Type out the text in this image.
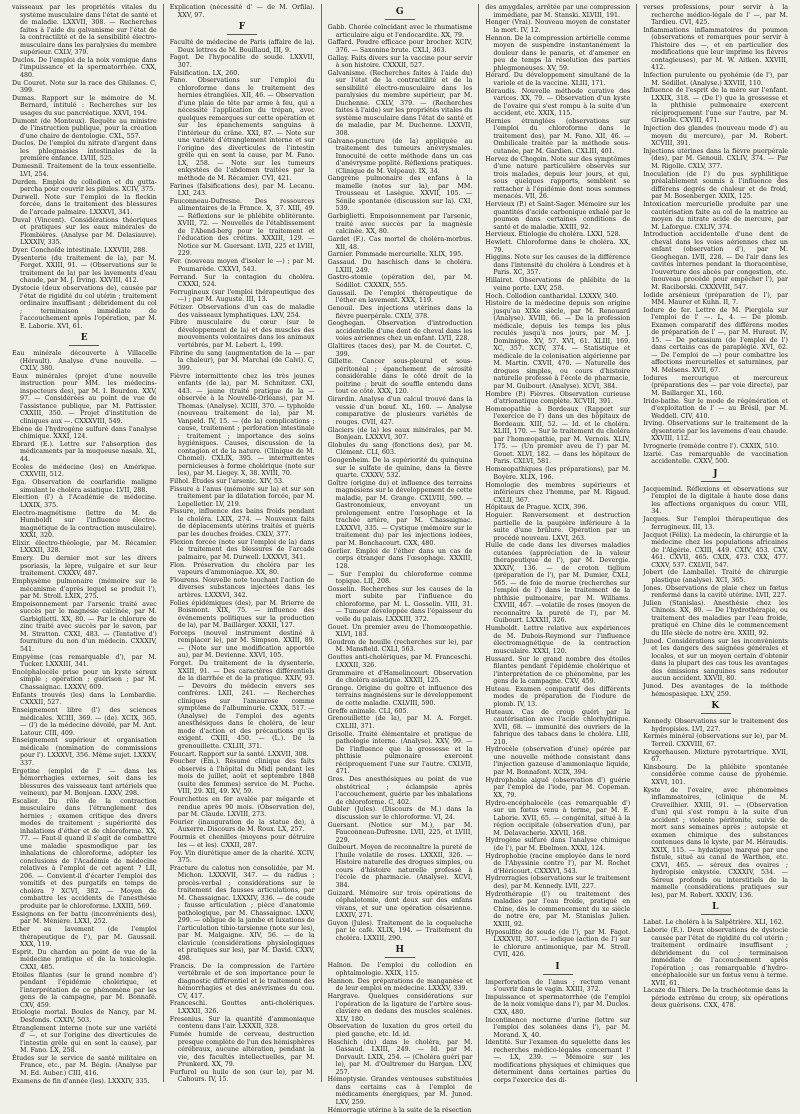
vaisseaux par les propriétés vitales du système musculaire dans l'état de santé et de maladie. LXXVII, 308. — Recherches faites à l'aide du galvanisme sur l'état de la contractilité et de la sensibilité électro-musculaire dans les paralysies du membre supérieur. CXLV, 379.
Duclos. De l'emploi de la noix vomique dans l'impuissance et la spermatorrhée. CXX, 480.
Du Couret. Note sur la race des Ghilanes. C, 399.
Dumas. Rapport sur le mémoire de M. Bernard, intitulé : Recherches sur les usages du suc pancréatique. XXVI, 194.
Dumont (de Monteux). Requête au ministre de l'instruction publique, pour la création d'une chaire de dentologie. CXL, 557.
Duclos. De l'emploi du nitrate d'argent dans les phlegmasies intestinales de la première enfance. LVIII, 525.
Dumesnil. Traitement de la toux essentielle. LVI, 254.
Durden. Emploi du collodion et du gutta-percha pour couvrir les pilules. XCIV, 375.
Durwell. Note sur l'emploi de la fleckin forcée, dans le traitement des blessures de l'arcade palmaire. LXXXVI, 341.
Duval (Vincent). Considérations théoriques et pratiques sur les eaux minérales de Plombières. (Analyse par M. Delasiauve). LXXXIV, 335.
Dyer. Conchoïde intestinale. LXXVIII, 288.
Dysenterie (du traitement de la), par M. Forget. XXIII, 91. — (Observations sur le traitement de la) par les lavements d'eau chaude, par M. J. Irving. XXVIII, 412.
Dystocie (deux observations de), causée par l'état de rigidité du col utérin ; traitement ordinaire insuffisant ; débridement du col ; terminaison immédiate de l'accouchement après l'opération, par M. E. Laborie. XVI, 61.
E
Eau minérale découverte à Villacelle (Hérault). Analyse d'une nouvelle. — CXLV, 380.
Eaux minérales (projet d'une nouvelle instruction pour MM. les médecins-inspecteurs des), par M. I. Bourdon. XXV, 97. — Considérées au point de vue de l'assistance publique, par M. Pattissier. CXXIII, 350. — Projet d'institution de cliniques aux —. CXXXVIII, 549.
Ebène de l'hydrogène sulfuré dans l'analyse chimique. XXXI, 124.
Ebrard (E.). Lettre sur l'absorption des médicaments par la muqueuse nasale. XL, 44.
Ecoles de médecine (les) en Amérique. CXXVIII, 512.
Ega. Observation de coarlaridie maligne simulant le choléra asiatique. LVII, 288.
Election (l') à l'Académie de médecine. LXXIX, 375.
Electro-magnétisme (lettre de M. de Humboldt sur l'influence électro-magnétique de la contraction musculaire). XXXI, 320.
Elixir. électro-théologie, par M. Récamier. LXXXII, 328.
Emery. Du dernier mot sur les divers psoriasis, la lèpre, vulgaire et sur leur traitement. CXXXV, 487.
Emphysème pulmonaire (mémoire sur le mécanisme d'après lequel se produit l'), par M. Stroll. LXIX, 275.
Empoisonnement par l'arsenic traité avec succès par le magnésie calcinée, par M. Garbiglietti. XX, 80. — Par le chlorure de zinc traité avec succès par le savon, par M. Stratton. CXXI, 483. — (Tentative d') fourniture du non d'un médecin. CXXXIV, 541.
Empyème (cas remarquable d'), par M. Tucker. LXXXIII, 341.
Encéphalocèle prise pour un kyste séreux simple ; opération ; guérison ; par M. Chassaignac. LXXXV, 609.
Enfants trouvés (les) dans la Lombardie. CXXXII, 527.
Enseignement libre (l') des sciences médicales. XCIII, 369. — (de). XCIX, 365. — (l') de la médecine dévoilé, par M. Ant. Latour. CIII, 409.
Enseignement supérieur et organisation médicale (nomination de commissions pour l'). LXXXVI, 356. Même sujet. LXXXV, 337.
Ergotine (emploi de l' — dans les hémorrhagies externes, soit dans les blessures des vaisseaux tant artériels que veineux), par M. Bonjean. LXXV, 298.
Escalier. Du rôle de la contraction musculaire dans l'étranglement des hernies ; examen critique des divers modes de traitement ; supériorité des inhalations d'éther et de chloroforme. XX, 77. — Faut-il quand il s'agit de combattre une maladie spasmodique par les inhalations de chloroforme, adopter les conclusions de l'Académie de médecine relatives à l'emploi de cet agent ? LII, 206. — Convient-il d'écarter l'emploi des vomitifs et des purgatifs en temps de choléra ? XCVI, 382. — Moyen de combattre les accidents de l'anesthésie produite par le chloroforme. LXXIII, 569.
Essignons en fer battu (inconvénients des), par M. Ménière. LXXI, 252.
Ether au lavement (de l'emploi thérapeutique de l'), par M. Gaussail. XXX, 119.
Esprit. Du chardon au point de vue de la médecine pratique et de la toxicologie. CXXI, 485.
Etoiles filantes (sur le grand nombre d') pendant l'épidémie cholérique, et l'interprétation de ce phénomène par les gens de la campagne, par M. Bonnafé. CXV, 459.
Etiologie mortal. Boules de Nancy, par M. Desfonds. CXXIV, 503.
Étranglement interne (note sur une variété d' —, et sur l'origine des diverticules de l'intestin grêle qui en sont la cause), par M. Fano. LX, 258.
Études sur le service de santé militaire en France, etc., par M. Bégin. (Analyse par M. Ed. Auber.) CIII, 416.
Examens de fin d'année (les). LXXXIV, 335.
Explication (nécessité d' — de M. Orfila). XXV, 97.
F
Faculté de médecine de Paris (affaire de la). Deux lettres de M. Bouillaud, III, 9.
Fagot. De l'hypocalite de soude. LXXVII, 307.
Falsification. LX, 260.
Fano. Observations sur l'emploi du chloroforme dans le traitement des hernies étranglées. XII, 46. — Observation d'une plaie de tête par arme à feu, qui a nécessité l'application du trépan, avec quelques remarques sur cette opération et sur les épanchements sanguins à l'intérieur du crâne. XXI, 87. — Note sur une variété d'étranglement interne et sur l'origine des diverticules de l'intestin grêle qui en sont la cause, par M. Fano. LX, 258. — Note sur les tumeurs enkystées de l'abdomen traitées par la méthode de M. Récamier. CVI, 421.
Farines (falsifications des), par M. Lecanu. LXI, 243.
Fauconneau-Dufresne. Des ressources alimentaires de la France. X, 37. XIII, 49. — Réflexions sur le phlébite oblitérante. XVIII, 72. — Nouvelles de l'établissement de l'Abend-berg pour le traitement et l'éducation des crétins. XXXIII, 129. — Notice sur M. Guersant. LVII, 225 et LVIII, 229.
Fer. (nouveau moyen d'isoler le —) ; par M. Poumarède. CXXVI, 543.
Ferrand. Sur la contagion du choléra. CXXXI, 524.
Ferrugineux (sur l'emploi thérapeutique des —) ; par M. Auguste. III, 13.
Fétizer. Observations d'un cas de maladie des vaisseaux lymphatiques. LXV, 254.
Fibre musculaire du cœur (sur le développement de la) et des muscles des mouvements volontaires dans les animaux vertébrés, par M. Lebert. L, 199.
Fibrine du sang (augmentation de la — par la chaleur), par M. Marchal (de Calvi). C, 399.
Fièvre intermittente chez les très jeunes enfants (de la), par M. Schnitzer. CXI, 443. — jaune (traité pratique de la — observée à la Nouvelle-Orléans), par M. Thomas. (Analyse). XCIII, 370. — typhoïde (nouveau traitement de la), par M. Vanpeld. IV, 15. — (de la) complications ; cause, traitement ; perforation intestinale ; traitement ; importance des soins hygiéniques. Causes, discussion de la contagion et de la nature. (Clinique de M. Chomel). CXLIX, 395. — intermittentes pernicieuses à forme cholérique (note sur les), par M. Liegey. X, 38. XVIII, 70.
Filhol. Études sur l'arsenic. XIV, 53.
Fissure à l'anus (mémoire sur la) et sur son traitement par la dilatation forcée, par M. Lepelletier. LV, 219.
Fissure, influence des bains froids pendant le choléra. LXIX, 274. — Nouveaux faits de déplacements utérins traités et guéris par les douches froides. CXLV, 377.
Flexion forcée (note sur l'emploi de la) dans le traitement des blessures de l'arcade palmaire, par M. Durwell. LXXXVI, 341.
Flon. Préservation du choléra par les vapeurs d'ammoniaque. XX, 80.
Flourens. Nouvelle note touchant l'action de diverses substances injectées dans les artères. LXXXVI, 342.
Folies épidémiques (des), par M. Brierre de Boismont. XIX, 75. — influence des événements politiques sur la production de la), par M. Baillarger. XXXII, 127.
Forceps (nouvel instrument destiné à remplacer le), par M. Simpson. XXIII, 89. — (Note sur une modification apportée au), par M. Devienne. XXVI, 105.
Forget. Du traitement de la dysenterie. XXIII, 91. — Des caractères différentiels de la diarrhée et de la pratique. XXIV, 93. — Devoirs du médecin envers ses confrères. LXII, 241. — Recherches cliniques sur l'amaurose comme symptôme de l'albuminurie. CXXX, 517. — (Analyse) de l'emploi des agents anesthésiques dans le choléra, de leur mode d'action et des précautions qu'ils exigent. CXIII, 450. — (L.). De la grenouillette. CXLIII, 371.
Foucart. Rapport sur la santé. LXXVII, 308.
Foucher (Ém.). Résumé clinique des faits observés à l'hôpital du Midi pendant les mois de juillet, août et septembre 1848 (suite des femmes) service de M. Puche. VIII, 29. XII, 49. XV, 59.
Fourchettes en fer avalée par mégarde et rendue après 90 mois. (Observation de), par M. Claude. LXVIII, 273.
Fourier (inauguration de la statue de), à Auxerre. Discours de M. Roux. LX, 257.
Fourmis et chenilles (moyens pour détruire les — et les). CXXII, 287.
Foy. Vin diurétique amer de la charité. XCIV, 375.
Fracture du calotus non consolidée, par M. Michon. LXXXVII, 347. — du radius ; procès-verbal ; considérations sur le traitement des fausses articulations, par M. Chassaignac. LXXXIV, 336. — de coude ; fausse articulation ; pièce d'anatomie pathologique, par M. Chassaignac. LXXV, 299. — oblique de la jambe et luxations de l'articulation tibio-tarsienne (note sur les), par M. Malgaigne. XIV, 56. — de la clavicule (considérations physiologiques et pratiques sur les), par M. David. CXXV, 498.
Francis. De la compression de l'artère vertébrale et de son importance pour le diagnostic différentiel et le traitement des hémorrhagies et des anévrismes du cou. CV, 417.
Franceschi. Gouttes anti-cholériques. LXXXII, 326.
Fresenius. Sur la quantité d'ammoniaque contenu dans l'air. LXXXII, 328.
Fumée humide de cerveau, destruction presque complète de l'un des hémisphères cérébraux, aucune altération, pendant la vie, des facultés intellectuelles, par M. Prunkerd. XX, 79.
Furfurol ou huile de son (sur le), par M. Cahours. IV, 15.
G
Gabb. Chorée coïncidant avec le rhumatisme articulaire aigu et l'endocardite. XX, 79.
Gaffard. Poudre efficace pour brocher. XCIV, 376. — Saxonine brute. CXLI, 363.
Gallay. Faits divers sur la vaccine pour servir à son histoire. CXXXII, 527.
Galvanisme. (Recherches faites à l'aide du) sur l'état de la contractilité et de la sensibilité électro-musculaire dans les paralysies du membre supérieur, par M. Duchenne. CXLV, 379. — (Recherches faites à l'aide) sur les propriétés vitales du système musculaire dans l'état de santé et de maladie, par M. Duchenne. LXXVII, 308.
Galvano-puncture (de la) appliquée au traitement des tumeurs anévrysmales. Innocuité de cette méthode dans un cas d'anévrysme poplité. Réflexions pratiques. (Clinique de M. Velpeau). IX, 34.
Gangrène pulmonaire des enfans à la mamelle (notes sur la), par MM. Trousseau et Lasègue. XXVII, 105. — Sénile spontanée (discussion sur la). CXI, 539.
Garbiglietti. Empoisonnement par l'arsenic, traité avec succès par la magnésie calcinée. XX, 80.
Gardet (F.). Cas mortel de choléra-morbus. XII, 48.
Garnier. Pommade mercurielle. XLIX, 195.
Gassaud. Du haschisch dans le choléra. LXIII, 249.
Gastro-stomie (opération de), par M. Sédillot. CXXXIX, 555.
Gaussail. De l'emploi thérapeutique de l'éther en lavement. XXX, 119.
Genouil. Des injections utérines dans la fièvre puerpérale. CXLV, 378.
Geoghegan. Observation d'introduction accidentelle d'une dent de cheval dans les voies aériennes chez un enfant. LVII, 228.
Glaîtires (taces des), par M. de Courtet. C, 399.
Gillette. Cancer sous-pleural et sous-péritonéal ; épanchement de sérosité considérable dans le côté droit de la poitrine ; bruit de souffle entendu dans tout ce côté. XXX, 120.
Girardin. Analyse d'un calcul trouvé dans la vessie d'un bœuf. XL, 160. — Analyse comparative de plusieurs variétés de rouges. CVII, 427.
Glaciers (de la) les eaux minérales, par M. Bonjean. LXXXVI, 307.
Globules du sang (fonctions des), par M. Clément. CLI, 603.
Gougenheim. De la supériorité du quinquina sur le sulfate de quinine, dans la fièvre quarte. CXXXV, 532.
Goître (origine du) et influence des terrains magnésiens sur le développement de cette maladie, par M. Grange. CXLVIII, 590. — Gastronomieux, envoyant un prolongement entre l'œsophage et la trachée artère, par M. Chassaignac. LXXXVI, 335. — Cystique (mémoire sur le traitement du) par les injections iodées, par M. Bonchacourt. CXX, 480.
Gorlier. Emploi de l'éther dans un cas de corps étranger dans l'œsophage. XXXIII, 128.
— Sur l'emploi du chloroforme comme topique. LII, 208.
Gosselin. Recherches sur les causes de la mort subite par l'influence du chloroforme, par M. L. Gosselin. VIII, 31. — Tumeur développée dans l'épaisseur du voile du palais. LXXXIII, 372.
Gouet. Un premier aveu de l'homœopathie. XLVI, 183.
Goudron de houille (recherches sur le), par M. Mansfield. CXLI, 563.
Gouttes anti-cholériques, par M. Franceschi. LXXXII, 326.
Grammaire et d'Hamelincourt. Observation de choléra asiatique. XXXII, 125.
Grange. Origine du goître et influence des terrains magnésiens sur le développement de cette maladie. CXLVIII, 590.
Greffe animale. CLI, 605.
Grenouillette (de la), par M. A. Forget. CXLIII, 371.
Grisolle. Traité élémentaire et pratique de pathologie interne. (Analyse). XXV, 99. — De l'influence que la grossesse et la phthisie pulmonaire exercent réciproquement l'une sur l'autre. CXLVII, 471.
Gros. Des anesthésiques au point de vue obstétrical ; éclampsie après l'accouchement, guérie par les inhalations de chloroforme. C, 402.
Gubler (Jules). (Discours de M.) dans la discussion sur le chloroforme. VI, 24.
Guersant. (Notice sur M.), par M. Fauconneau-Dufresne. LVII, 225, et LVIII, 229.
Guibourt. Moyen de reconnaître la pureté de l'huile volatile de roses. LXXXII, 326. — Histoire naturelle des drogues simples, ou cours d'histoire naturelle professé à l'école de pharmacie. (Analyse). XCVI, 384.
Guizard. Mémoire sur trois opérations de céphalotomie, dont deux sur des enfans vivans, et sur une opération césarienne. LXXIV, 271.
Guyon (Jules). Traitement de la coqueluche par le café. XLIX, 194. — Traitement du choléra. LXXIII, 290.
H
Haïnon. De l'emploi du collodion en ophtalmologie. XXIX, 115.
Hannon. Des préparations de manganèse et de leur emploi en médecine. LXXXV, 339.
Hargrave. Quelques considérations sur l'opération de la ligature de l'artère sous-clavière en dedans des muscles scalènes. XLV, 180.
Observation de luxation du gros orteil du pied gauche, etc. Id. id.
Haschich (du) dans le choléra, par M. Gassaud. LXIII, 249. — Id. par M. Dorvault. LXIX, 254. — (Choléra guéri par le), par M. d'Oultremer du Hargan. LXV, 257.
Hémoptysie. Grandes ventouses substituées dans certains cas à l'emploi de médicaments énergiques, par M. Junod. LXV, 259.
Hémorragie utérine à la suite de la résection
des amygdales, arrêtée par une compression immédiate, par M. Stanski. XLVIII, 191.
Henger (Vrai). Nouveau moyen de constater la mort. IV, 12.
Hennon. De la compression artérielle comme moyen de suspendre instantanément la douleur dans le panaris, et d'amener en peu de temps la résolution des parties phlegmoneuses. XV, 59.
Hérard. Du développement simultané de la variole et de la vaccine. XLIII, 171.
Héraudis. Nouvelle méthode curative des varices. XX, 79. — Observation d'un kyste de l'ovaire qui s'est rompu à la suite d'un accident, etc. XXIX, 115.
Hernies étranglées (observations sur l'emploi du chloroforme dans le traitement des), par M. Fano. XII, 46. — Ombilicale traitée par la méthode sous-cutanée, par M. Gardien. CXLIII, 401.
Hervez de Chegoin. Note sur des symptômes d'une nature particulière observés sur trois malades, depuis leur jours, et qui, sous quelques rapports, semblent se rattacher à l'épidémie dont nous sommes menacés. VII, 26.
Hervieux (P.) et Saint-Sager. Mémoire sur les quantités d'acide carbonique exhalé par le poumon dans certaines conditions de santé et de maladie. XXIII, 92.
Hervieux. Étiologie du choléra. LXXI, 528.
Hewlett. Chloroforme dans le choléra. XX, 79.
Higgins. Note sur les causes de la différence dans l'intensité du choléra à Londres et à Paris. XC, 357.
Hillairet. Observations de phlébite de la veine porte. LXV, 258.
Hoch. Collodion cantharidal. LXXXV, 340.
Histoire de la médecine depuis son origine jusqu'au XIXe siècle, par M. Renouard (Analyse). XVIII, 66. — De la profession médicale, depuis les temps les plus reculés jusqu'à nos jours, par M. J. Dominique. XV, 57. XVI, 61. XLIII, 169. XC, 357. XCIV, 374. — Statistique et médicale de la colonisation algérienne par M. Martin. CXVII, 470. — Naturelle des drogues simples, ou cours d'histoire naturelle professé à l'école de pharmacie, par M. Guibourt. (Analyse). XCVI, 384.
Hombre (P.) Fièvres. Observation curieuse d'atrionatique complète. XCVIII, 391.
Homœopathie à Bordeaux (Rapport sur l'exercice de l') dans un des hôpitaux de Bordeaux. XIII, 52. — Id. et le choléra. XLIII, 170. — Sur le traitement du choléra par l'homœopathie, par M. Vernois. XLIV, 175. — (Un premier aveu de l') par M. Gouet. XLVI, 182. — dans les hôpitaux de Paris. CXLVI, 581.
Homœopathiques (les préparations), par M. Boyère. XLIX, 196.
Homologie des membres supérieurs et inférieurs chez l'homme, par M. Rigaud. CXLII, 367.
Hôpitaux de Prague. XCIX, 396.
Hoguier. Renversement et destruction partielle de la paupière inférieure à la suite d'une brûlure. Opération par un procédé nouveau. LXVI, 263.
Huile de cade dans les diverses maladies cutanées (appréciation de la valeur thérapeutique de l'), par M. Devergie. XXXIV, 136. — de croton tiglium (préparation de l'), par M. Dumier, CXLI, 565. — de foie de morue (recherches sur l'emploi de l') dans le traitement de la phthisie pulmonaire, par M. Williams. CXVIII, 467. —volatile de roses (moyen de reconnaître la pureté de l'), par M. Guibourt. LXXXII, 326.
Humboldt. Lettre relative aux expériences de M. Dubois-Reymond sur l'influence électromagnétique de la contraction musculaire. XXXI, 120.
Hussard. Sur le grand nombre des étoiles filantes pendant l'épidémie cholérique et l'interprétation de ce phénomène, par les gens de la campagne. CXV, 459.
Huteau. Examen comparatif des différents modes de préparation de l'iodure de plomb. IV, 13.
Huteaux. Cas de croup guéri par la cautérisation avec l'acide chlorhydrique. XVII, 68. — immunité des ouvriers de la fabrique des tabacs dans le choléra. LIII, 210.
Hydrocèle (observation d'une) opérée par une nouvelle méthode consistant dans l'injection gazeuse d'ammoniaque liquide, par M. Bonnafont. XCIX, 394.
Hydrophobie aiguë (observation d') guérie par l'emploi de l'iode, par M. Copeman. XX, 79.
Hydro-encéphalocèle (cas remarquable d') sur un fœtus venu à terme, par M. E. Laborie. XVII, 65. — congénital, situé à la région occipitale (observation d'un), par M. Delavacherie. XXVII, 168.
Hydrogène sulfuré dans l'analyse chimique (de l'), par M. Ebelmen. XXXI, 124.
Hydrophobie (racine employée dans le nord de l'Abyssinie contre l'), par M. Rochet d'Héricourt. CXXXVI, 543.
Hydrorragies (observations sur le traitement des), par M. Kennedy. LVII, 227.
Hydrothérapie (l') ou traitement des maladies par l'eau froide, pratiqué en Chine, dès le commencement du xe siècle de notre ère, par M. Stanislas Julien. XXIII, 92.
Hyposulfite de soude (de l'), par M. Fagot. LXXXVII, 307. — iodique (action de l') sur le chlorure antimonique, par M. Stroll. CVII, 426.
I
Imperforation de l'anus ; rectum venant s'ouvrir dans le vagin. XXIII, 372.
Impuissance et spermatorrhée (de l'emploi de la noix vomique dans l'), par M. Duclos. CXX, 480.
Incontinence nocturne d'urine (lettre sur l'emploi des solanées dans l'), par M. Morand. X, 40.
Identité. Sur l'examen du squelette dans les recherches médico-légales concernant l' —. LX, 239. — Mémoire sur les modifications physiques et chimiques que déterminent dans certaines parties du corps l'exercice des di-
verses professions, pour servir à la recherche médico-légale de l' —, par M. Tardieu. CVI, 425.
Inflammations inflammatoires du poumon (observations et remarques pour servir à l'histoire des —, et en particulier des modifications que leur imprime les fièvres contagieuses), par M. W. Aitken. XXVIII, 412.
Infection purulente ou pyohémie (de l'), par M. Sédillot. (Analyse.) XXVIII, 110.
Influence de l'esprit de la mère sur l'enfant. LXXIX, 318. — (De l') que la grossesse et la phthisie pulmonaire exercent réciproquement l'une sur l'autre, par M. Grisolle. CXVIII, 471.
Injection des glandes (nouveau mode d') au moyen du mercure), par M. Robert. XCVIII, 391.
Injections utérines dans la fièvre puerpérale (des), par M. Genouil. CXLIV, 374. — Par M. Rigolle. CXLV, 377.
Inoculation (de l') du pus syphilitique préalablement soumis à l'influence des différens degrés de chaleur et de froid, par M. Bosenberger. XXIX, 125.
Intoxication mercurielle produite par une cautérisation faite au col de la matrice au moyen du nitrate acide de mercure, par M. Laforgue. CXLIV, 374.
Introduction accidentelle d'une dent de cheval dans les voies aériennes chez un enfant (observation d'), par M. Geoghegan. LVII, 228. — De l'air dans les cavités internes pendant la thoracentèse, l'ouverture des abcès par congestion, etc. (nouveau procédé pour empêcher l'), par M. Raciborski. CXXXVIII, 547.
Iodide arsénieux (préparation de l'), par MM. Maurer et Kuhn. II, 7.
Iodure de fer. Lettre de M. Piergiola sur l'emploi de l' —. L, 4. — De plomb. Examen comparatif des différens modes de préparation de l' —, par M. Huraut. IV, 15. — De potassium (de l'emploi de l') dans certains cas de paraplégie. XVI, 62. — De l'emploi de —) pour combattre les affections mercurielles et saturnines, par M. Melsens. XVII, 67.
Iodures mercurique et mercureux (préparations des — par voie directe), par M. Baillarger. XL, 160.
Irido-bathe. Sur le mode de régénération et d'exploitation de l' — au Brésil, par M. Weddell. CIV, 410.
Irving. Observations sur le traitement de la dysenterie par les lavemens d'eau chaude. XXVIII, 112.
Ivrognerie (remède contre l'). CXXIX, 510.
Izarié. Cas remarquable de vaccination accidentelle. CXXV, 500.
J
Jacquemind. Réflexions et observations sur l'emploi de la digitale à haute dose dans les affections organiques du cœur. VIII, 34.
Jacques. Sur l'emploi thérapeutique des ferrugineux. III, 13.
Jacquot (Félix). La médecin, la chirurgie et la médecine chez les populations africaines de l'Algérie. CXIII, 449. CXIV, 453. CXV, 461. CXVII, 465. CXIX, 473. CXX, 477. CXXV, 537. CXLVII, 547.
Jobert (de Lamballe). Traité de chirurgie plastique (analyse). XCI, 365.
Jones. Observations de plaie chez un fœtus renfermé dans la cavité utérine. LVII, 227.
Julien (Stanislas). Anesthésie chez les Chinois. XX, 80. — De l'hydrothérapie, ou traitement des maladies par l'eau froide, pratiqué en Chine dès le commencement du IIIe siècle de notre ère. XXIII, 92.
Junod. Considérations sur les inconvénients et les dangers des saignées générales et locales, et sur un moyen certain d'obtenir dans la plupart des cas tous les avantages des émissions sanguines sans redouter aucun accident. XXVII, 80.
Junod. Des avantages de la méthode hémospasique. LXV, 259.
K
Kennedy. Observations sur le traitement des hydropisies. LVI, 227.
Kermès minéral (observations sur le), par M. Terreil. CXXVIII, 67.
Krugerhausen. Mixture pyrotartrique. XVII, 67.
Kinsbourg. De la phlébite spontanée considérée comme cause de pyohémie. XXVI, 101.
Kyste de l'ovaire, avec phénomènes inflammatoires, (clinique de M. Cruveilhier. XXIII, 91. — (Observation d'un) qui s'est rompu à la suite d'un accident ; violente péritonite, suivie de mort sans semaines après ; autopsie et examen chimique des substances contenues dans le kyste, par M. Héraudis. XXIX, 115. — hydatique) marqué par une fistule, situé au canal de Warthon, etc. CXVI, 465. — séreux des ovaires ; hydropisie enkystée. CXXXIV, 534. — Séreux profonds ou interstitiels de la mamelle (considérations pratiques sur les), par M. Robert. XXXIV, 136.
L
Labat. Le choléra à la Salpêtrière. XLI, 162.
Laborie (E.). Deux observations de dystocie causée par l'état de rigidité du col utérin ; traitement ordinaire insuffisant ; débridement du col ; terminaison immédiate de l'accouchement après l'opération ; cas remarquable d'hydro-encéphalocèle sur un fœtus venu à terme. XVII, 61.
Lacaze du Thiers. De la trachéotomie dans la période extrême du croup, six opérations deux guérisons. CXX, 478.
